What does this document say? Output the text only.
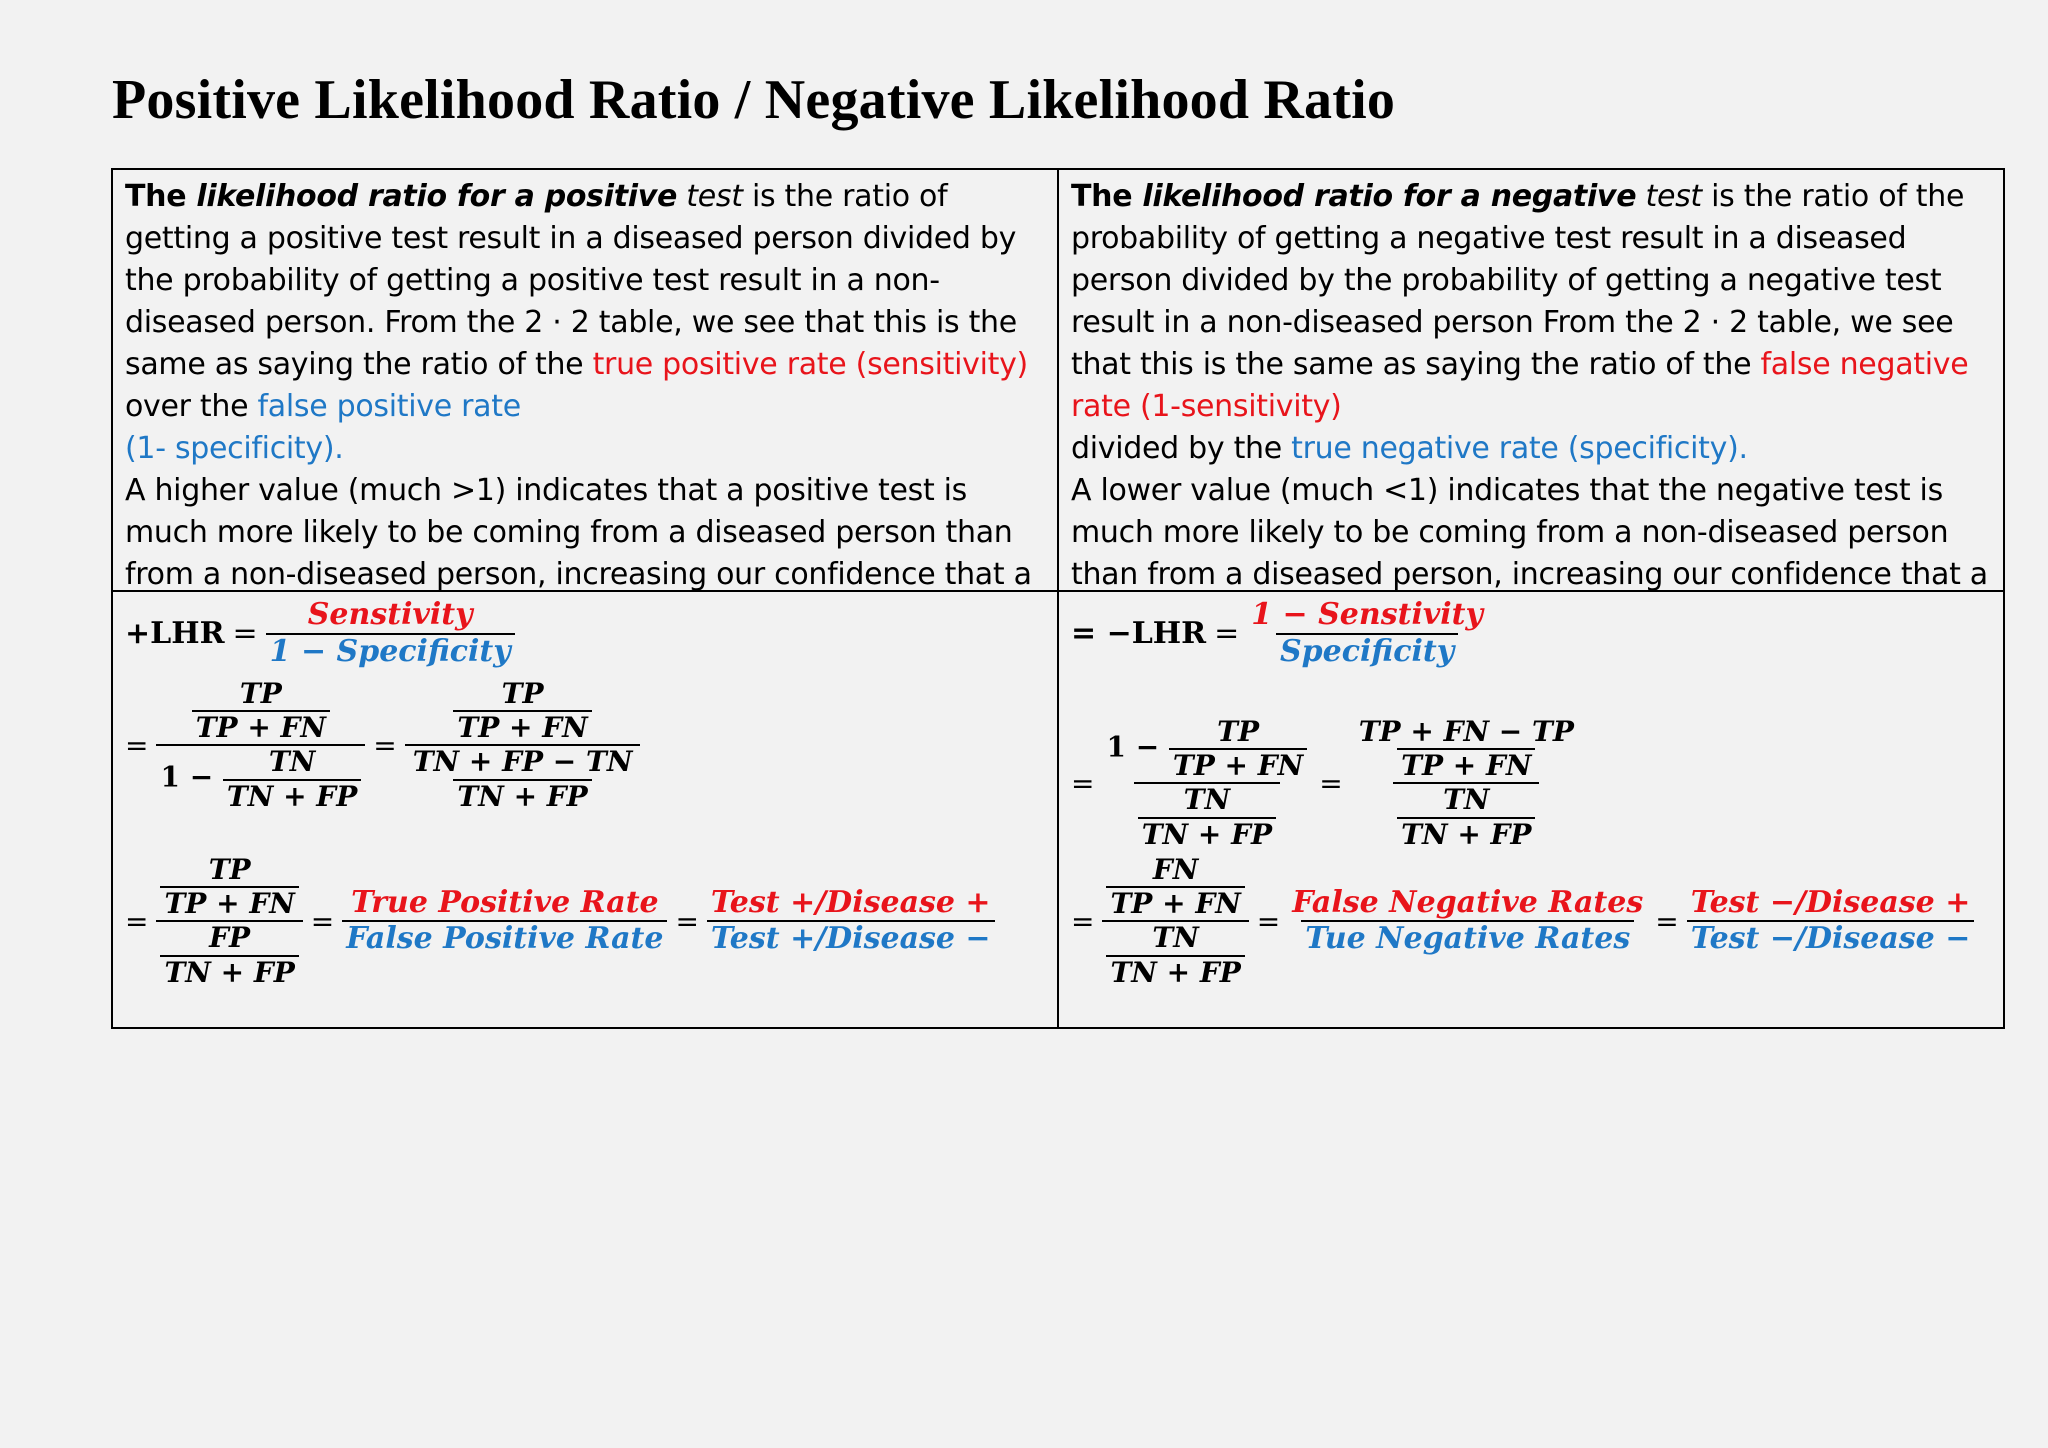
Positive Likelihood Ratio / Negative Likelihood Ratio
The likelihood ratio for a positive test is the ratio of getting a positive test result in a diseased person divided by the probability of getting a positive test result in a non-diseased person. From the 2 · 2 table, we see that this is the same as saying the ratio of the true positive rate (sensitivity) over the false positive rate
(1- specificity).
A higher value (much >1) indicates that a positive test is much more likely to be coming from a diseased person than from a non-diseased person, increasing our confidence that a
The likelihood ratio for a negative test is the ratio of the probability of getting a negative test result in a diseased person divided by the probability of getting a negative test result in a non-diseased person From the 2 · 2 table, we see that this is the same as saying the ratio of the false negative rate (1-sensitivity)
divided by the true negative rate (specificity).
A lower value (much <1) indicates that the negative test is much more likely to be coming from a non-diseased person than from a diseased person, increasing our confidence that a
$+LHR = \frac{\text{Senstivity}}{\text{1 − Specificity}}$
= $\frac{\frac{TP}{TP + FN}}{1 - \frac{TN}{TN + FP}} = \frac{\frac{TP}{TP + FN}}{\frac{TN + FP - TN}{TN + FP}}$
= $\frac{\frac{TP}{TP + FN}}{\frac{FP}{TN + FP}} = \frac{\text{True Positive Rate}}{\text{False Positive Rate}} = \frac{\text{Test +/Disease +}}{\text{Test +/Disease −}}$
= $-LHR = \frac{\text{1 − Senstivity}}{\text{Specificity}}$
= $\frac{1 - \frac{TP}{TP + FN}}{\frac{TN}{TN + FP}} = \frac{\frac{TP + FN - TP}{TP + FN}}{\frac{TN}{TN + FP}}$
= $\frac{\frac{FN}{TP + FN}}{\frac{TN}{TN + FP}} = \frac{\text{False Negative Rates}}{\text{Tue Negative Rates}} = \frac{\text{Test −/Disease +}}{\text{Test −/Disease −}}$
